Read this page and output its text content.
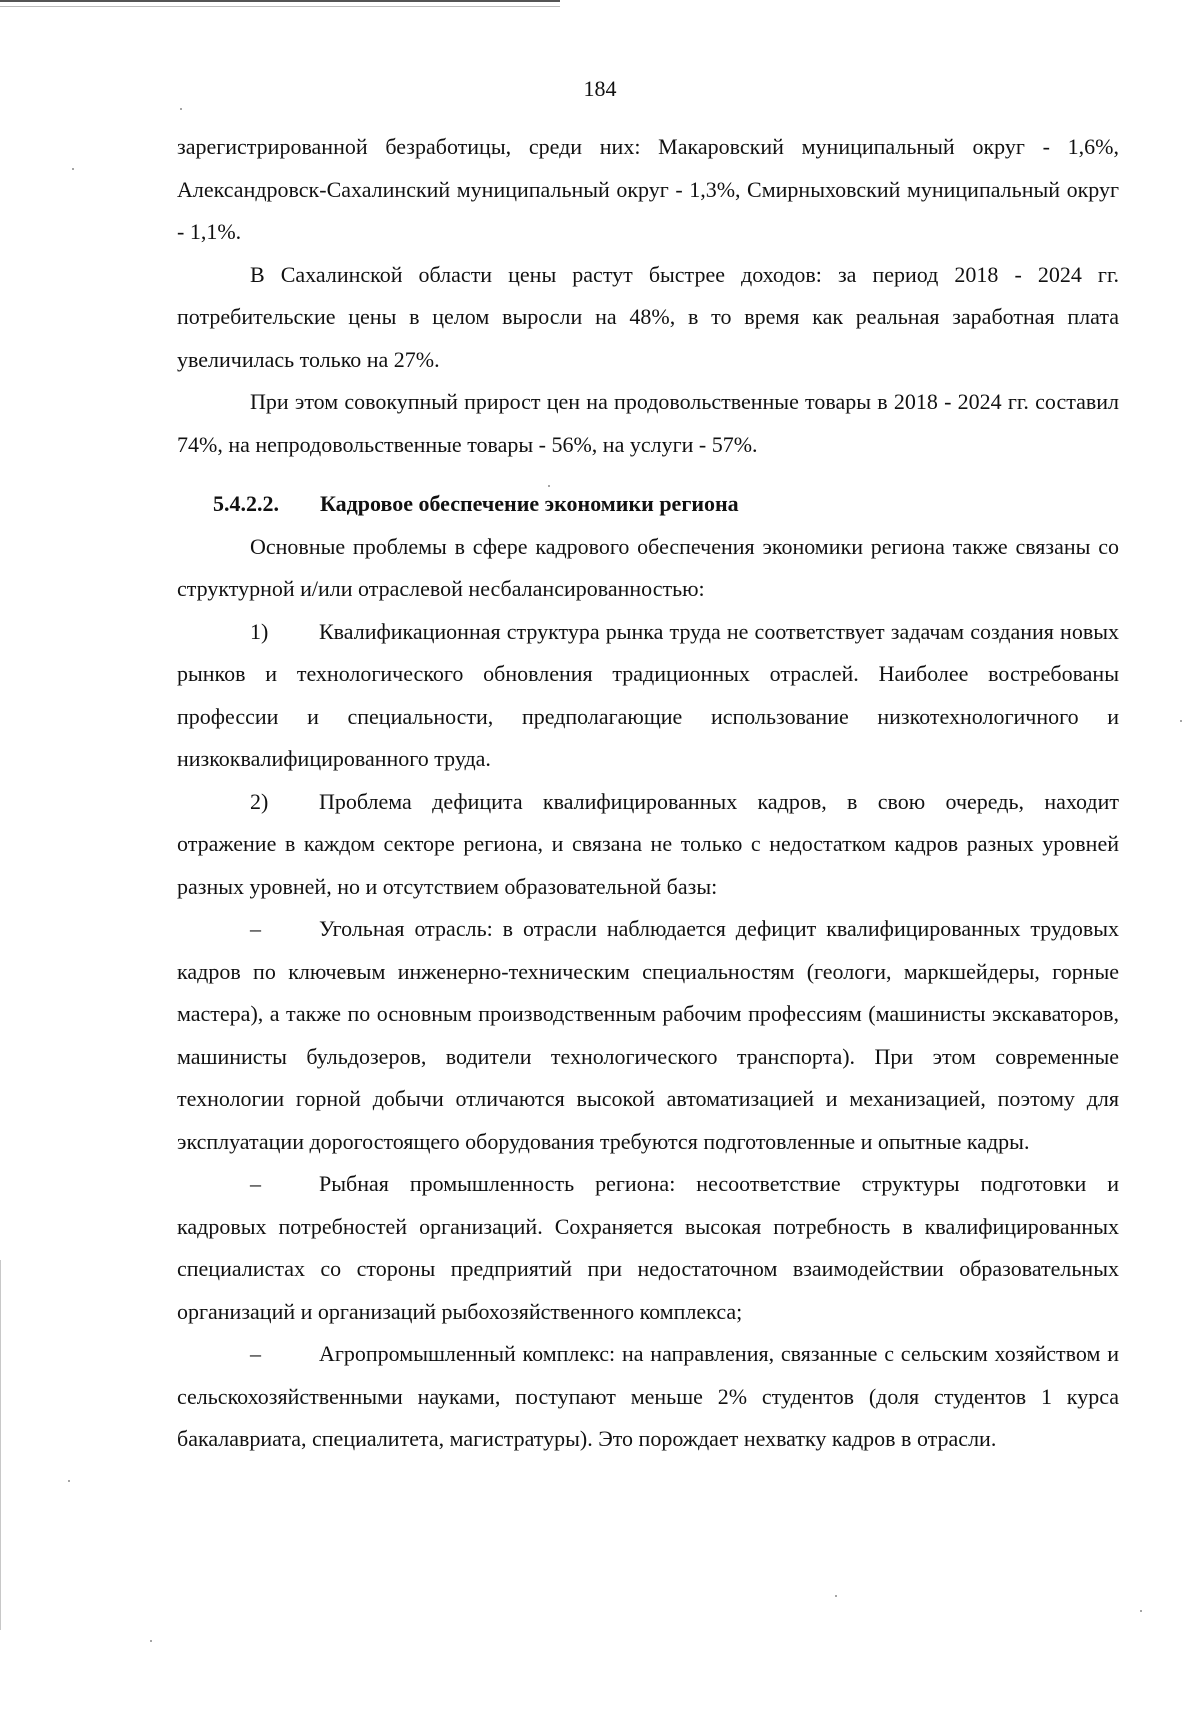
184

зарегистрированной безработицы, среди них: Макаровский муниципальный округ - 1,6%, Александровск-Сахалинский муниципальный округ - 1,3%, Смирныховский муниципальный округ - 1,1%.

В Сахалинской области цены растут быстрее доходов: за период 2018 - 2024 гг. потребительские цены в целом выросли на 48%, в то время как реальная заработная плата увеличилась только на 27%.

При этом совокупный прирост цен на продовольственные товары в 2018 - 2024 гг. составил 74%, на непродовольственные товары - 56%, на услуги - 57%.

5.4.2.2.	Кадровое обеспечение экономики региона

Основные проблемы в сфере кадрового обеспечения экономики региона также связаны со структурной и/или отраслевой несбалансированностью:

1) Квалификационная структура рынка труда не соответствует задачам создания новых рынков и технологического обновления традиционных отраслей. Наиболее востребованы профессии и специальности, предполагающие использование низкотехнологичного и низкоквалифицированного труда.

2) Проблема дефицита квалифицированных кадров, в свою очередь, находит отражение в каждом секторе региона, и связана не только с недостатком кадров разных уровней разных уровней, но и отсутствием образовательной базы:

–	Угольная отрасль: в отрасли наблюдается дефицит квалифицированных трудовых кадров по ключевым инженерно-техническим специальностям (геологи, маркшейдеры, горные мастера), а также по основным производственным рабочим профессиям (машинисты экскаваторов, машинисты бульдозеров, водители технологического транспорта). При этом современные технологии горной добычи отличаются высокой автоматизацией и механизацией, поэтому для эксплуатации дорогостоящего оборудования требуются подготовленные и опытные кадры.

–	Рыбная промышленность региона: несоответствие структуры подготовки и кадровых потребностей организаций. Сохраняется высокая потребность в квалифицированных специалистах со стороны предприятий при недостаточном взаимодействии образовательных организаций и организаций рыбохозяйственного комплекса;

–	Агропромышленный комплекс: на направления, связанные с сельским хозяйством и сельскохозяйственными науками, поступают меньше 2% студентов (доля студентов 1 курса бакалавриата, специалитета, магистратуры). Это порождает нехватку кадров в отрасли.
